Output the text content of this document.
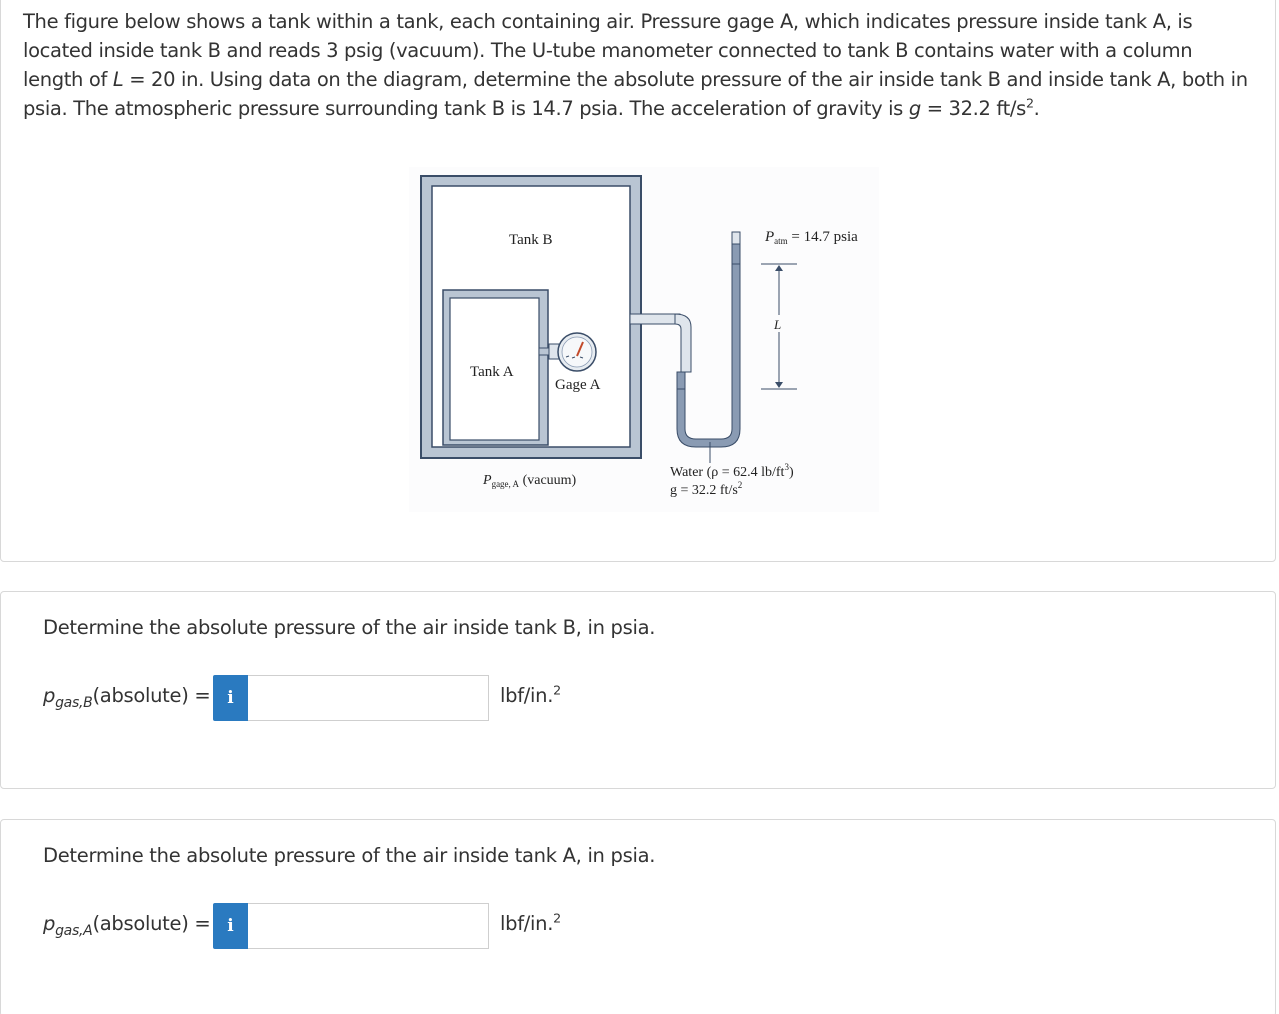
The figure below shows a tank within a tank, each containing air. Pressure gage A, which indicates pressure inside tank A, is located inside tank B and reads 3 psig (vacuum). The U-tube manometer connected to tank B contains water with a column length of L = 20 in. Using data on the diagram, determine the absolute pressure of the air inside tank B and inside tank A, both in psia. The atmospheric pressure surrounding tank B is 14.7 psia. The acceleration of gravity is g = 32.2 $ft/s^2$.

Tank B
Tank A
Gage A
$P_{atm} = 14.7$ psia
L
$P_{gage, A}$ (vacuum)
Water (ρ = 62.4 $lb/ft^3$)
g = 32.2 $ft/s^2$
Determine the absolute pressure of the air inside tank B, in psia.
$p_{gas,B}(absolute) = i$	lbf/in.$^2$
Determine the absolute pressure of the air inside tank A, in psia.
$p_{gas,A}(absolute) = i$	lbf/in.$^2$
